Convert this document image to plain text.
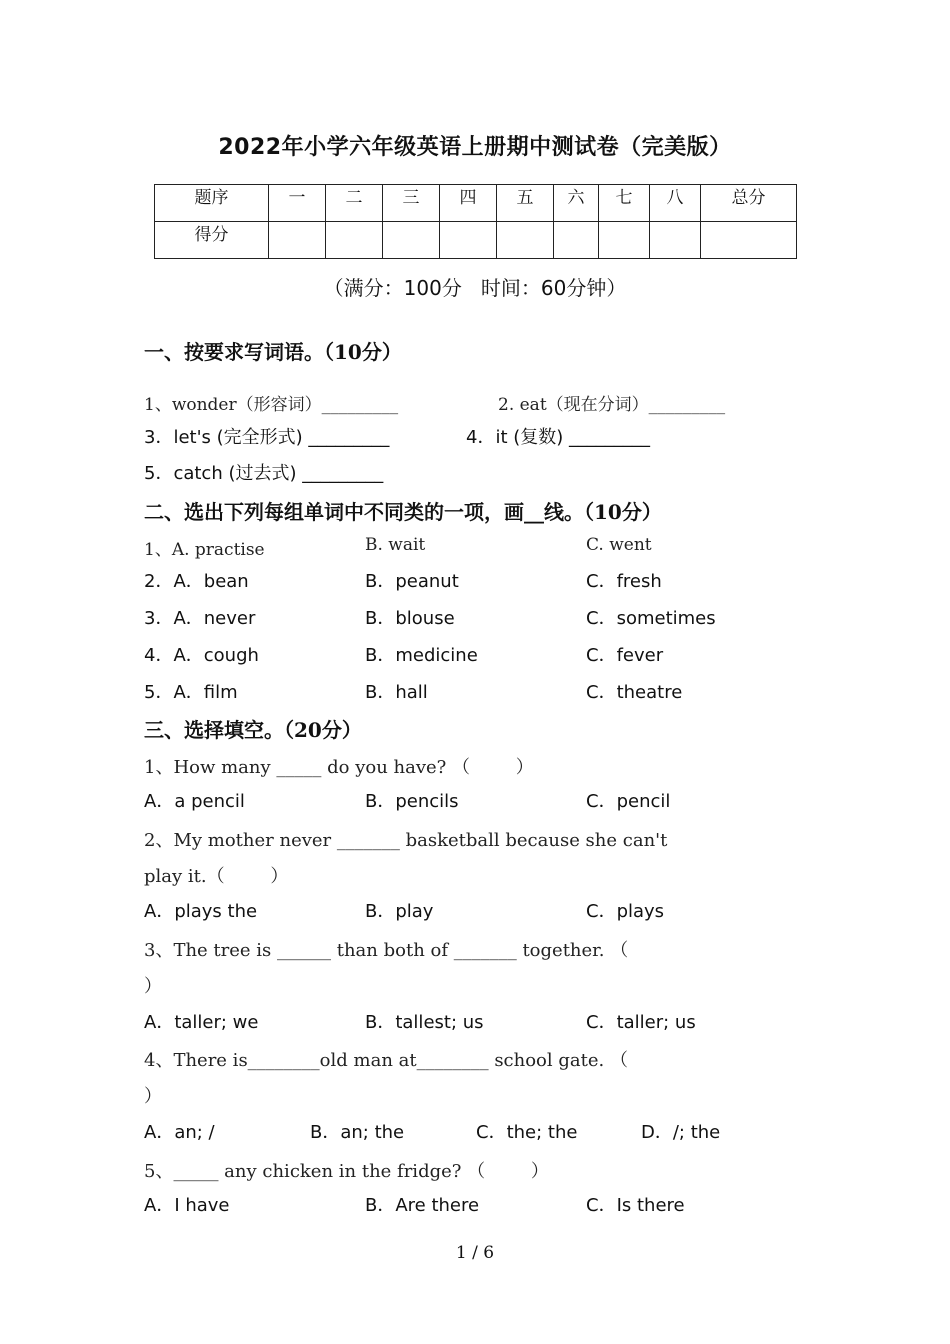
2022年小学六年级英语上册期中测试卷（完美版）
题序	一	二	三	四	五	六	七	八	总分
得分									
（满分：100分   时间：60分钟）
一、按要求写词语。（10分）
1、wonder（形容词）_________	2. eat（现在分词）_________
3．let's (完全形式) _________	4．it (复数) _________
5．catch (过去式) _________
二、选出下列每组单词中不同类的一项，画__线。（10分）
1、A. practise	B. wait	C. went
2．A．bean	B．peanut	C．fresh
3．A．never	B．blouse	C．sometimes
4．A．cough	B．medicine	C．fever
5．A．film	B．hall	C．theatre
三、选择填空。（20分）
1、How many _____ do you have? （        ）
A．a pencil	B．pencils	C．pencil
2、My mother never _______ basketball because she can't
play it.（        ）
A．plays the	B．play	C．plays
3、The tree is ______ than both of _______ together. （
）
A．taller; we	B．tallest; us	C．taller; us
4、There is________old man at________ school gate. （
）
A．an; /	B．an; the	C．the; the	D．/; the
5、_____ any chicken in the fridge? （        ）
A．I have	B．Are there	C．Is there
1 / 6
